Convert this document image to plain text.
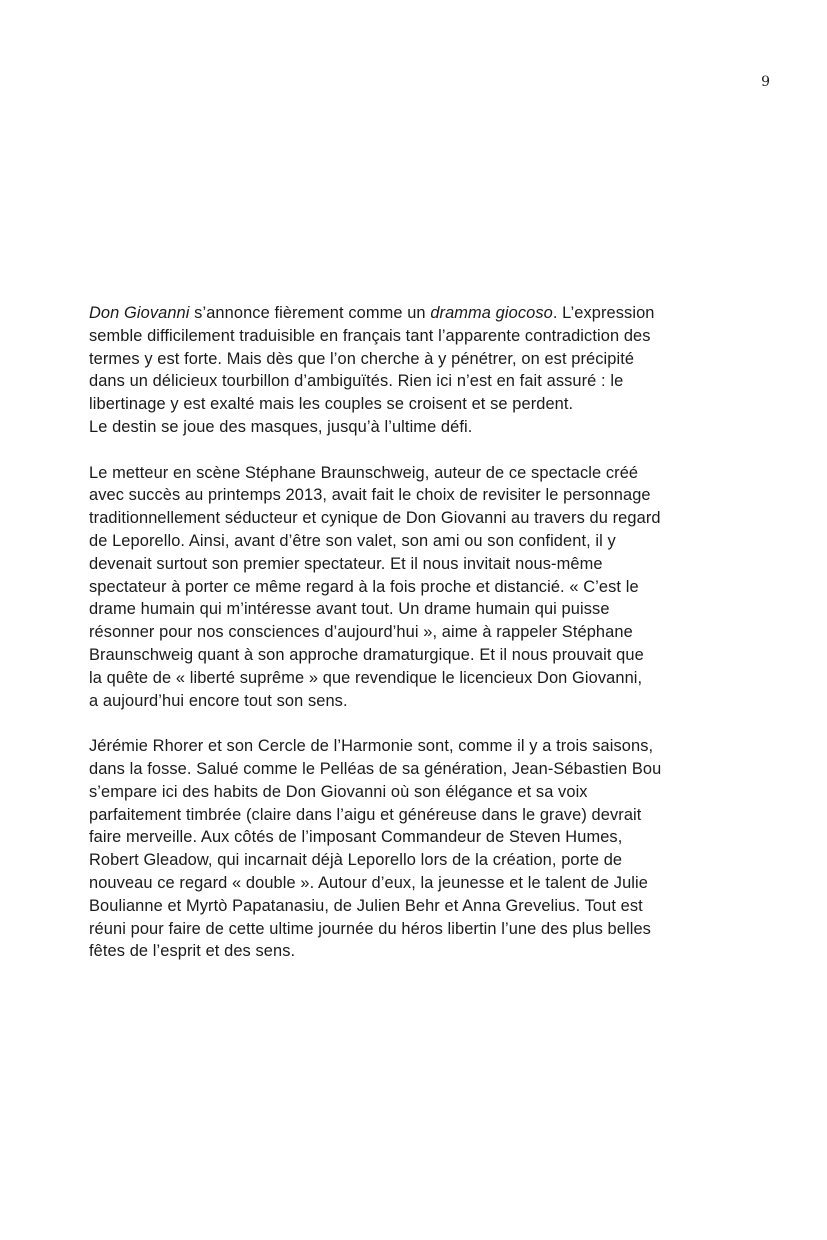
9

Don Giovanni s’annonce fièrement comme un dramma giocoso. L’expression
semble difficilement traduisible en français tant l’apparente contradiction des
termes y est forte. Mais dès que l’on cherche à y pénétrer, on est précipité
dans un délicieux tourbillon d’ambiguïtés. Rien ici n’est en fait assuré : le
libertinage y est exalté mais les couples se croisent et se perdent.
Le destin se joue des masques, jusqu’à l’ultime défi.

Le metteur en scène Stéphane Braunschweig, auteur de ce spectacle créé
avec succès au printemps 2013, avait fait le choix de revisiter le personnage
traditionnellement séducteur et cynique de Don Giovanni au travers du regard
de Leporello. Ainsi, avant d’être son valet, son ami ou son confident, il y
devenait surtout son premier spectateur. Et il nous invitait nous-même
spectateur à porter ce même regard à la fois proche et distancié. « C’est le
drame humain qui m’intéresse avant tout. Un drame humain qui puisse
résonner pour nos consciences d’aujourd’hui », aime à rappeler Stéphane
Braunschweig quant à son approche dramaturgique. Et il nous prouvait que
la quête de « liberté suprême » que revendique le licencieux Don Giovanni,
a aujourd’hui encore tout son sens.

Jérémie Rhorer et son Cercle de l’Harmonie sont, comme il y a trois saisons,
dans la fosse. Salué comme le Pelléas de sa génération, Jean-Sébastien Bou
s’empare ici des habits de Don Giovanni où son élégance et sa voix
parfaitement timbrée (claire dans l’aigu et généreuse dans le grave) devrait
faire merveille. Aux côtés de l’imposant Commandeur de Steven Humes,
Robert Gleadow, qui incarnait déjà Leporello lors de la création, porte de
nouveau ce regard « double ». Autour d’eux, la jeunesse et le talent de Julie
Boulianne et Myrtò Papatanasiu, de Julien Behr et Anna Grevelius. Tout est
réuni pour faire de cette ultime journée du héros libertin l’une des plus belles
fêtes de l’esprit et des sens.
